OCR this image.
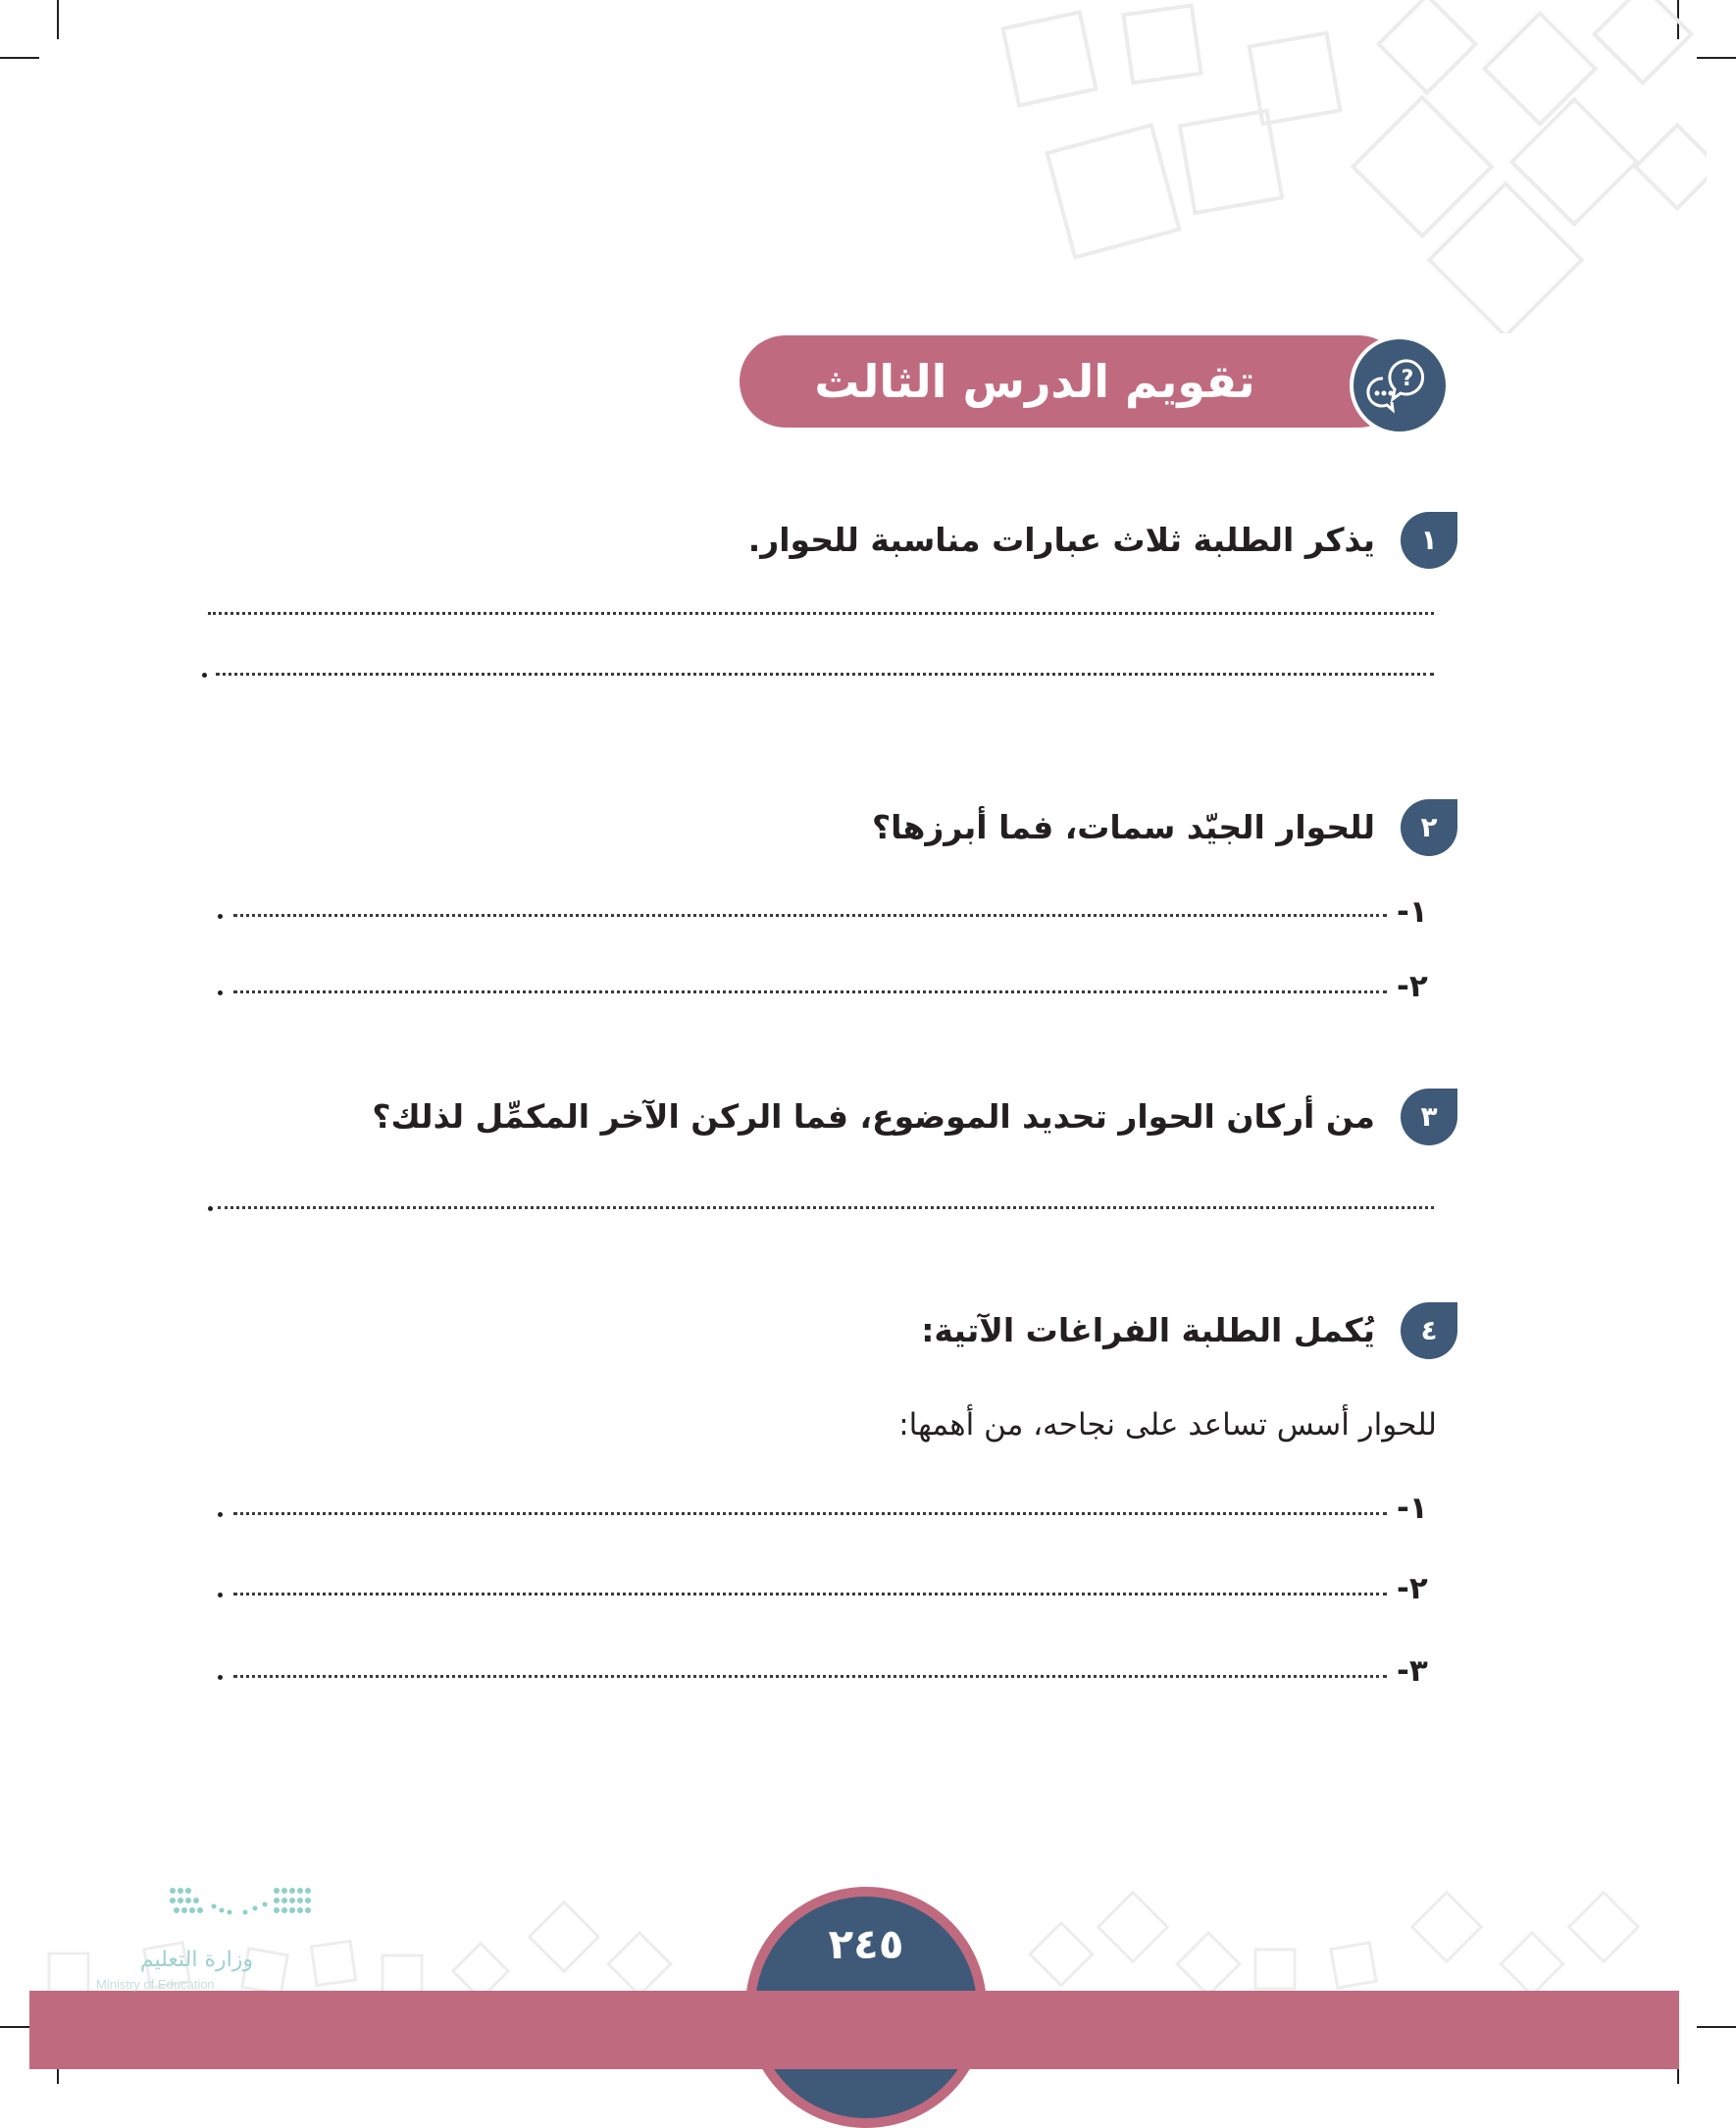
تقويم الدرس الثالث والثلاثين
?
١
يذكر الطلبة ثلاث عبارات مناسبة للحوار.
٢
للحوار الجيّد سمات، فما أبرزها؟
١-
٢-
٣
من أركان الحوار تحديد الموضوع، فما الركن الآخر المكمِّل لذلك؟
٤
يُكمل الطلبة الفراغات الآتية:
للحوار أسس تساعد على نجاحه، من أهمها:
١-
٢-
٣-
٢٤٥
وزارة التعليم
Ministry of Education
